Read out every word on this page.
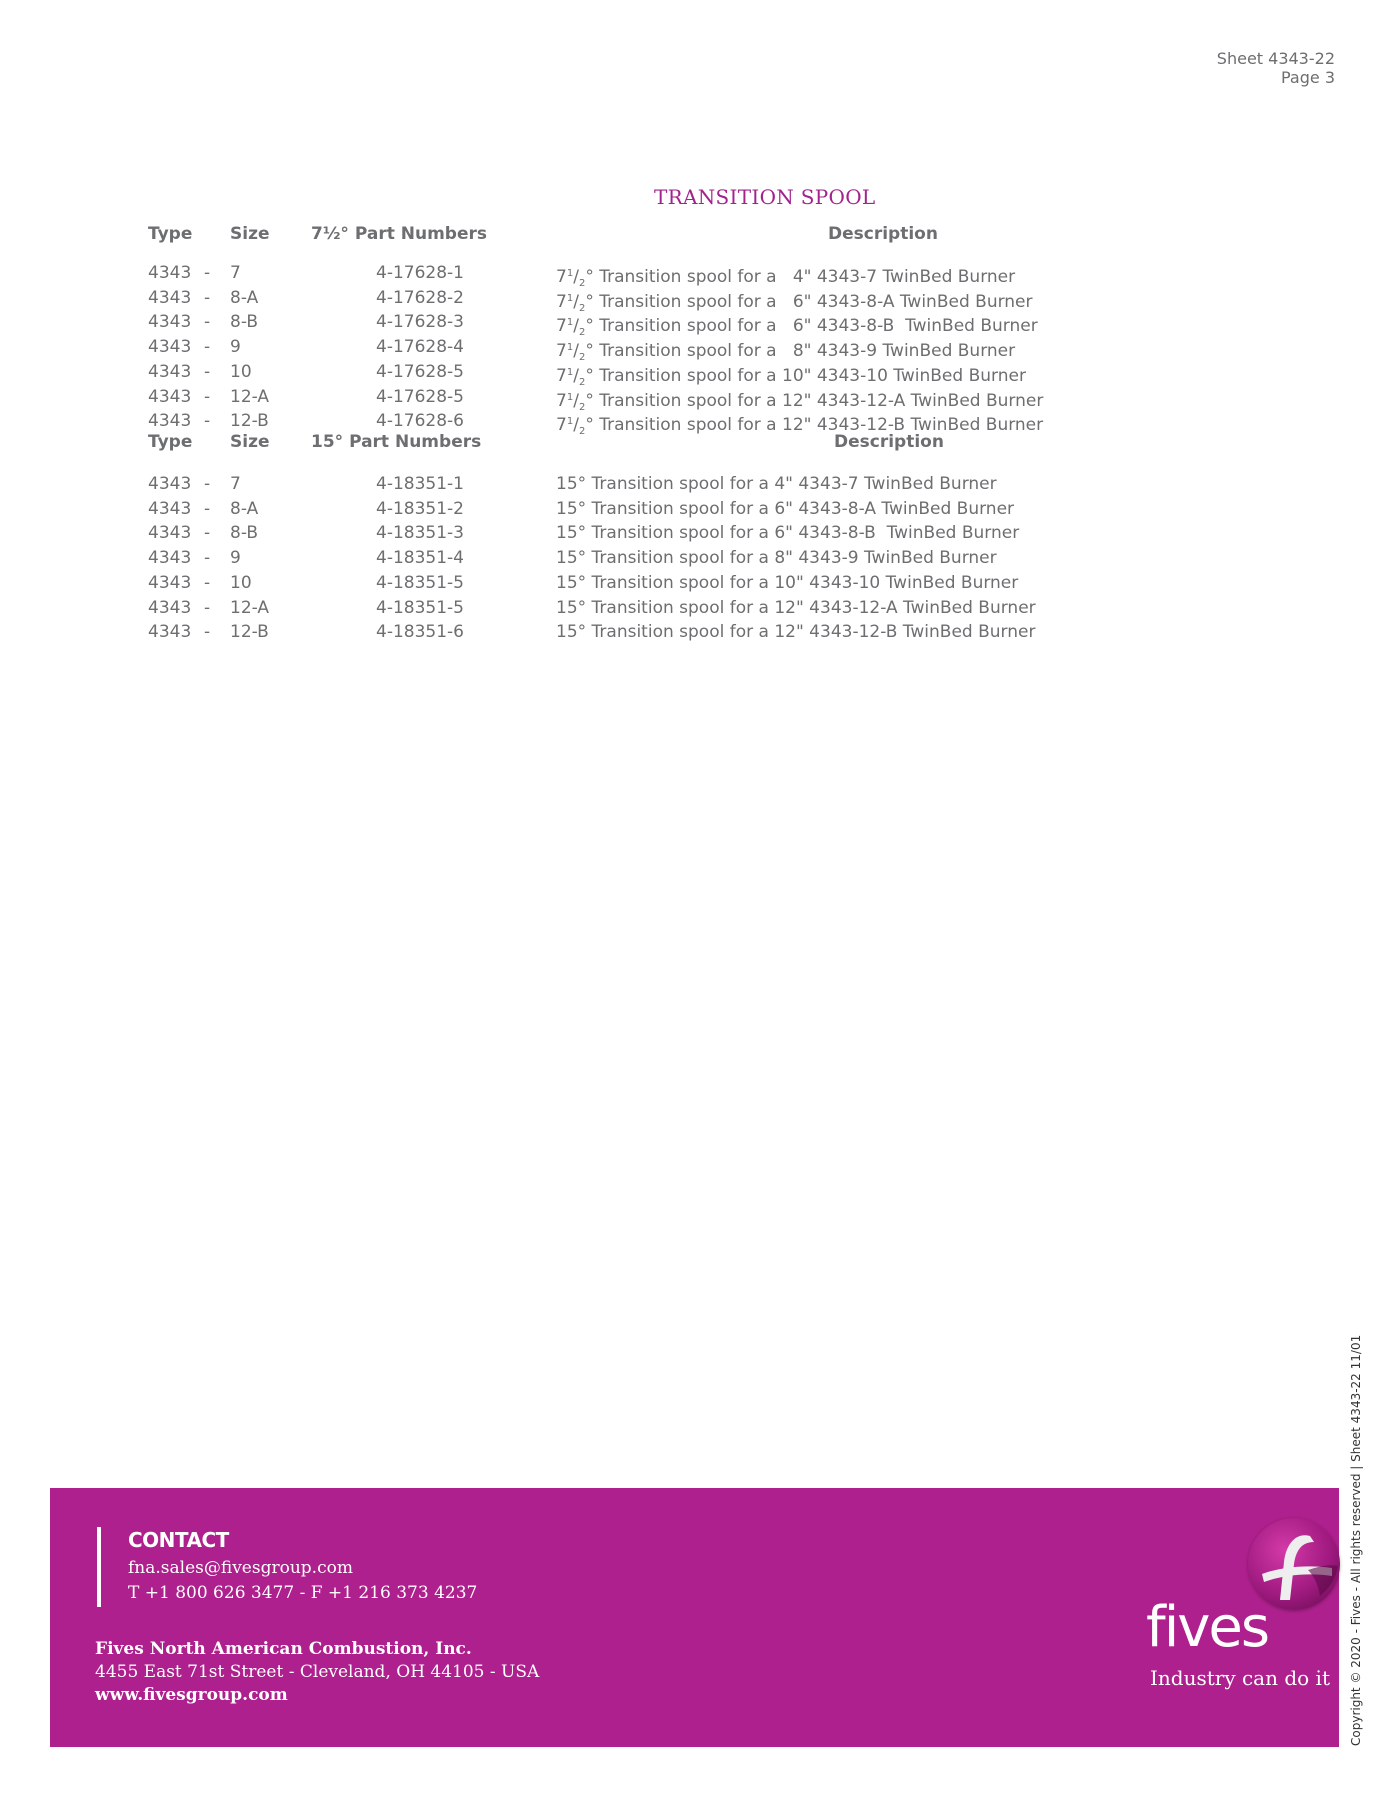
Sheet 4343-22
Page 3
TRANSITION SPOOL
Type Size 7½° Part Numbers	Description
4343 - 7	4-17628-1	$7^1/_2^\circ$ Transition spool for a   4" 4343-7 TwinBed Burner
4343 - 8-A	4-17628-2	$7^1/_2^\circ$ Transition spool for a   6" 4343-8-A TwinBed Burner
4343 - 8-B	4-17628-3	$7^1/_2^\circ$ Transition spool for a   6" 4343-8-B  TwinBed Burner
4343 - 9	4-17628-4	$7^1/_2^\circ$ Transition spool for a   8" 4343-9 TwinBed Burner
4343 - 10	4-17628-5	$7^1/_2^\circ$ Transition spool for a 10" 4343-10 TwinBed Burner
4343 - 12-A	4-17628-5	$7^1/_2^\circ$ Transition spool for a 12" 4343-12-A TwinBed Burner
4343 - 12-B	4-17628-6	$7^1/_2^\circ$ Transition spool for a 12" 4343-12-B TwinBed Burner
Type Size 15° Part Numbers	Description
4343 - 7	4-18351-1	15° Transition spool for a 4" 4343-7 TwinBed Burner
4343 - 8-A	4-18351-2	15° Transition spool for a 6" 4343-8-A TwinBed Burner
4343 - 8-B	4-18351-3	15° Transition spool for a 6" 4343-8-B  TwinBed Burner
4343 - 9	4-18351-4	15° Transition spool for a 8" 4343-9 TwinBed Burner
4343 - 10	4-18351-5	15° Transition spool for a 10" 4343-10 TwinBed Burner
4343 - 12-A	4-18351-5	15° Transition spool for a 12" 4343-12-A TwinBed Burner
4343 - 12-B	4-18351-6	15° Transition spool for a 12" 4343-12-B TwinBed Burner
CONTACT
fna.sales@fivesgroup.com
T +1 800 626 3477 - F +1 216 373 4237
Fives North American Combustion, Inc.
4455 East 71st Street - Cleveland, OH 44105 - USA
www.fivesgroup.com
fives
Industry can do it Copyright © 2020 - Fives - All rights reserved | Sheet 4343-22 11/01
